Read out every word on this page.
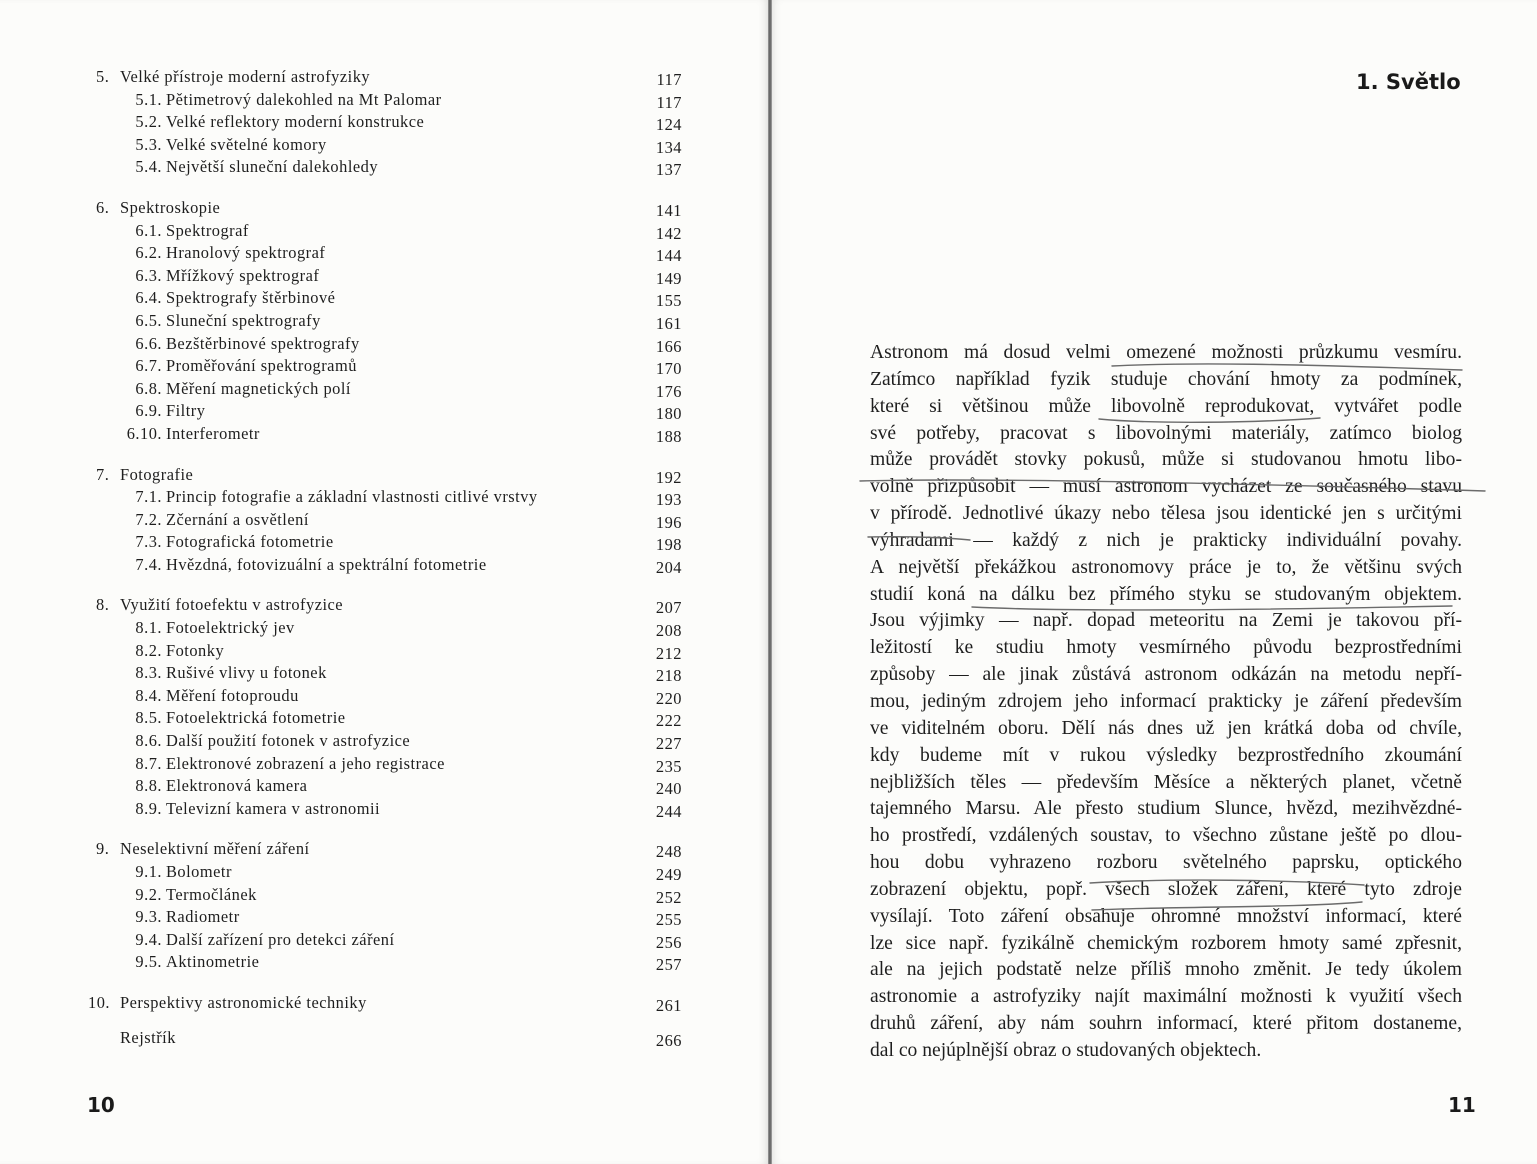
5. Velké přístroje moderní astrofyziky	117
5.1. Pětimetrový dalekohled na Mt Palomar	117
5.2. Velké reflektory moderní konstrukce	124
5.3. Velké světelné komory	134
5.4. Největší sluneční dalekohledy	137
6. Spektroskopie	141
6.1. Spektrograf	142
6.2. Hranolový spektrograf	144
6.3. Mřížkový spektrograf	149
6.4. Spektrografy štěrbinové	155
6.5. Sluneční spektrografy	161
6.6. Bezštěrbinové spektrografy	166
6.7. Proměřování spektrogramů	170
6.8. Měření magnetických polí	176
6.9. Filtry	180
6.10. Interferometr	188
7. Fotografie	192
7.1. Princip fotografie a základní vlastnosti citlivé vrstvy	193
7.2. Zčernání a osvětlení	196
7.3. Fotografická fotometrie	198
7.4. Hvězdná, fotovizuální a spektrální fotometrie	204
8. Využití fotoefektu v astrofyzice	207
8.1. Fotoelektrický jev	208
8.2. Fotonky	212
8.3. Rušivé vlivy u fotonek	218
8.4. Měření fotoproudu	220
8.5. Fotoelektrická fotometrie	222
8.6. Další použití fotonek v astrofyzice	227
8.7. Elektronové zobrazení a jeho registrace	235
8.8. Elektronová kamera	240
8.9. Televizní kamera v astronomii	244
9. Neselektivní měření záření	248
9.1. Bolometr	249
9.2. Termočlánek	252
9.3. Radiometr	255
9.4. Další zařízení pro detekci záření	256
9.5. Aktinometrie	257
10. Perspektivy astronomické techniky	261
Rejstřík	266
10
1. Světlo
Astronom má dosud velmi omezené možnosti průzkumu vesmíru.
Zatímco například fyzik studuje chování hmoty za podmínek,
které si většinou může libovolně reprodukovat, vytvářet podle
své potřeby, pracovat s libovolnými materiály, zatímco biolog
může provádět stovky pokusů, může si studovanou hmotu libo-
volně přizpůsobit — musí astronom vycházet ze současného stavu
v přírodě. Jednotlivé úkazy nebo tělesa jsou identické jen s určitými
výhradami — každý z nich je prakticky individuální povahy.
A největší překážkou astronomovy práce je to, že většinu svých
studií koná na dálku bez přímého styku se studovaným objektem.
Jsou výjimky — např. dopad meteoritu na Zemi je takovou pří-
ležitostí ke studiu hmoty vesmírného původu bezprostředními
způsoby — ale jinak zůstává astronom odkázán na metodu nepří-
mou, jediným zdrojem jeho informací prakticky je záření především
ve viditelném oboru. Dělí nás dnes už jen krátká doba od chvíle,
kdy budeme mít v rukou výsledky bezprostředního zkoumání
nejbližších těles — především Měsíce a některých planet, včetně
tajemného Marsu. Ale přesto studium Slunce, hvězd, mezihvězdné-
ho prostředí, vzdálených soustav, to všechno zůstane ještě po dlou-
hou dobu vyhrazeno rozboru světelného paprsku, optického
zobrazení objektu, popř. všech složek záření, které tyto zdroje
vysílají. Toto záření obsahuje ohromné množství informací, které
lze sice např. fyzikálně chemickým rozborem hmoty samé zpřesnit,
ale na jejich podstatě nelze příliš mnoho změnit. Je tedy úkolem
astronomie a astrofyziky najít maximální možnosti k využití všech
druhů záření, aby nám souhrn informací, které přitom dostaneme,
dal co nejúplnější obraz o studovaných objektech.
11
